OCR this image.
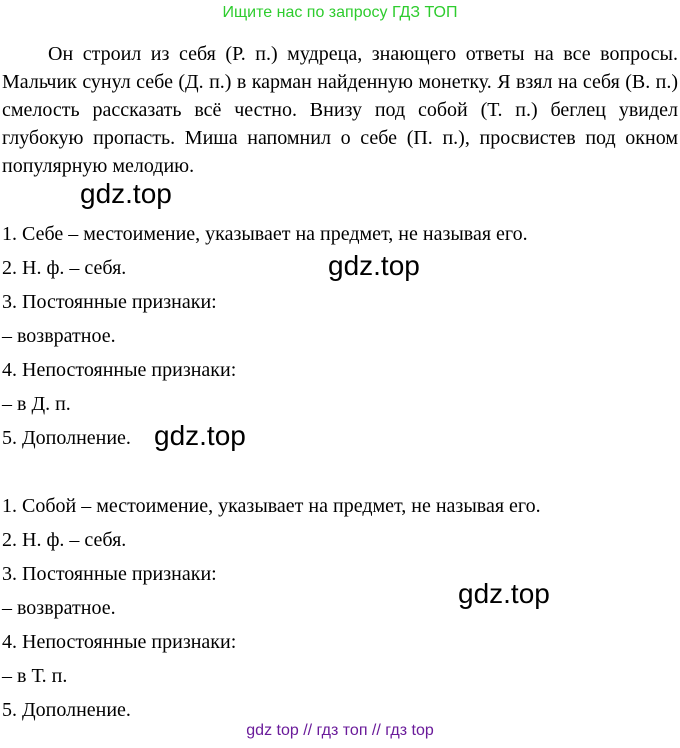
Ищите нас по запросу ГДЗ ТОП

Он строил из себя (Р. п.) мудреца, знающего ответы на все вопросы. Мальчик сунул себе (Д. п.) в карман найденную монетку. Я взял на себя (В. п.) смелость рассказать всё честно. Внизу под собой (Т. п.) беглец увидел глубокую пропасть. Миша напомнил о себе (П. п.), просвистев под окном популярную мелодию.

gdz.top
1. Себе – местоимение, указывает на предмет, не называя его.
2. Н. ф. – себя.	gdz.top
3. Постоянные признаки:
– возвратное.
4. Непостоянные признаки:
– в Д. п.
5. Дополнение. gdz.top
1. Собой – местоимение, указывает на предмет, не называя его.
2. Н. ф. – себя.
3. Постоянные признаки:
– возвратное.	gdz.top
4. Непостоянные признаки:
– в Т. п.
5. Дополнение.
gdz top // гдз топ // гдз top
